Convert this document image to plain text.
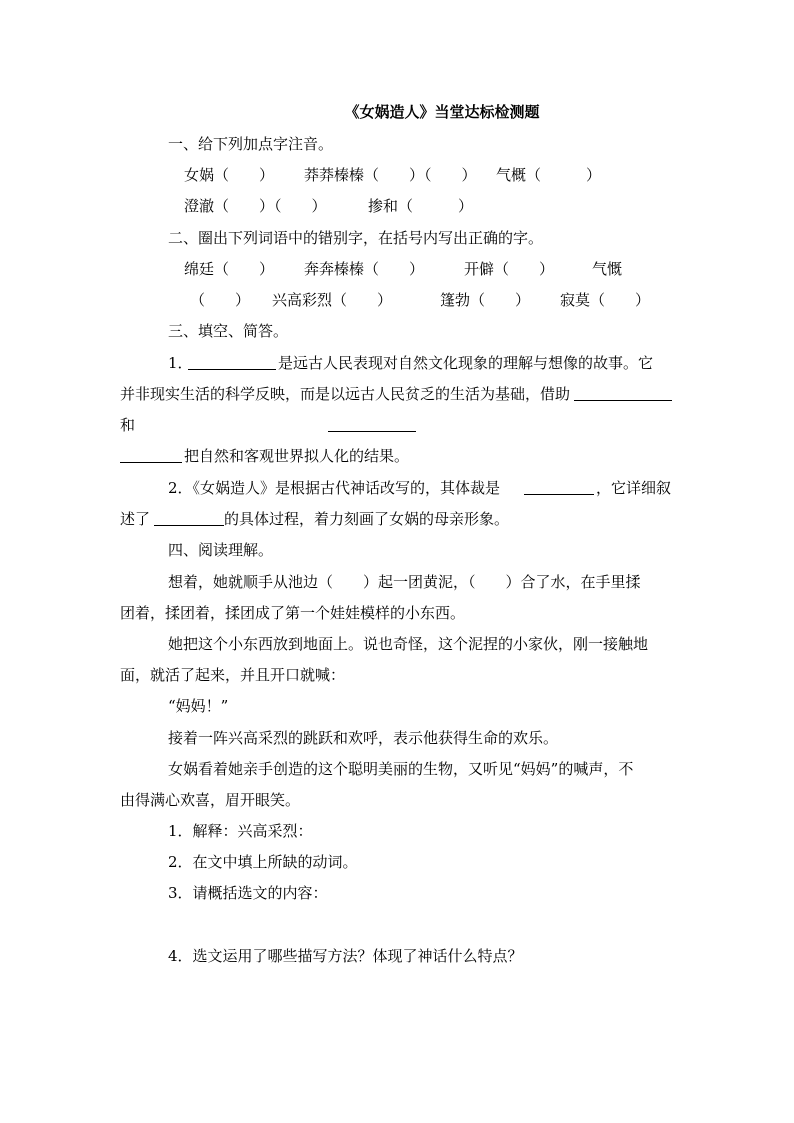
《女娲造人》当堂达标检测题
一、给下列加点字注音。
女娲（　　） 莽莽榛榛（　　）（　　） 气概（　　　）
澄澈（　　）（　　）	掺和（　　　）
二、圈出下列词语中的错别字，在括号内写出正确的字。
绵廷（　　） 奔奔榛榛（　　）	开僻（　　）	气慨
（　　） 兴高彩烈（　　）	篷勃（　　） 寂莫（　　）
三、填空、简答。
1．	是远古人民表现对自然文化现象的理解与想像的故事。它
并非现实生活的科学反映，而是以远古人民贫乏的生活为基础，借助
和
把自然和客观世界拟人化的结果。
2．《女娲造人》是根据古代神话改写的，其体裁是	，它详细叙
述了	的具体过程，着力刻画了女娲的母亲形象。
四、阅读理解。
想着，她就顺手从池边（　　）起一团黄泥，（　　）合了水，在手里揉
团着，揉团着，揉团成了第一个娃娃模样的小东西。
她把这个小东西放到地面上。说也奇怪，这个泥捏的小家伙，刚一接触地
面，就活了起来，并且开口就喊：
“妈妈！”
接着一阵兴高采烈的跳跃和欢呼，表示他获得生命的欢乐。
女娲看着她亲手创造的这个聪明美丽的生物，又听见“妈妈”的喊声，不
由得满心欢喜，眉开眼笑。
1．解释：兴高采烈：
2．在文中填上所缺的动词。
3．请概括选文的内容：
4．选文运用了哪些描写方法？体现了神话什么特点？
